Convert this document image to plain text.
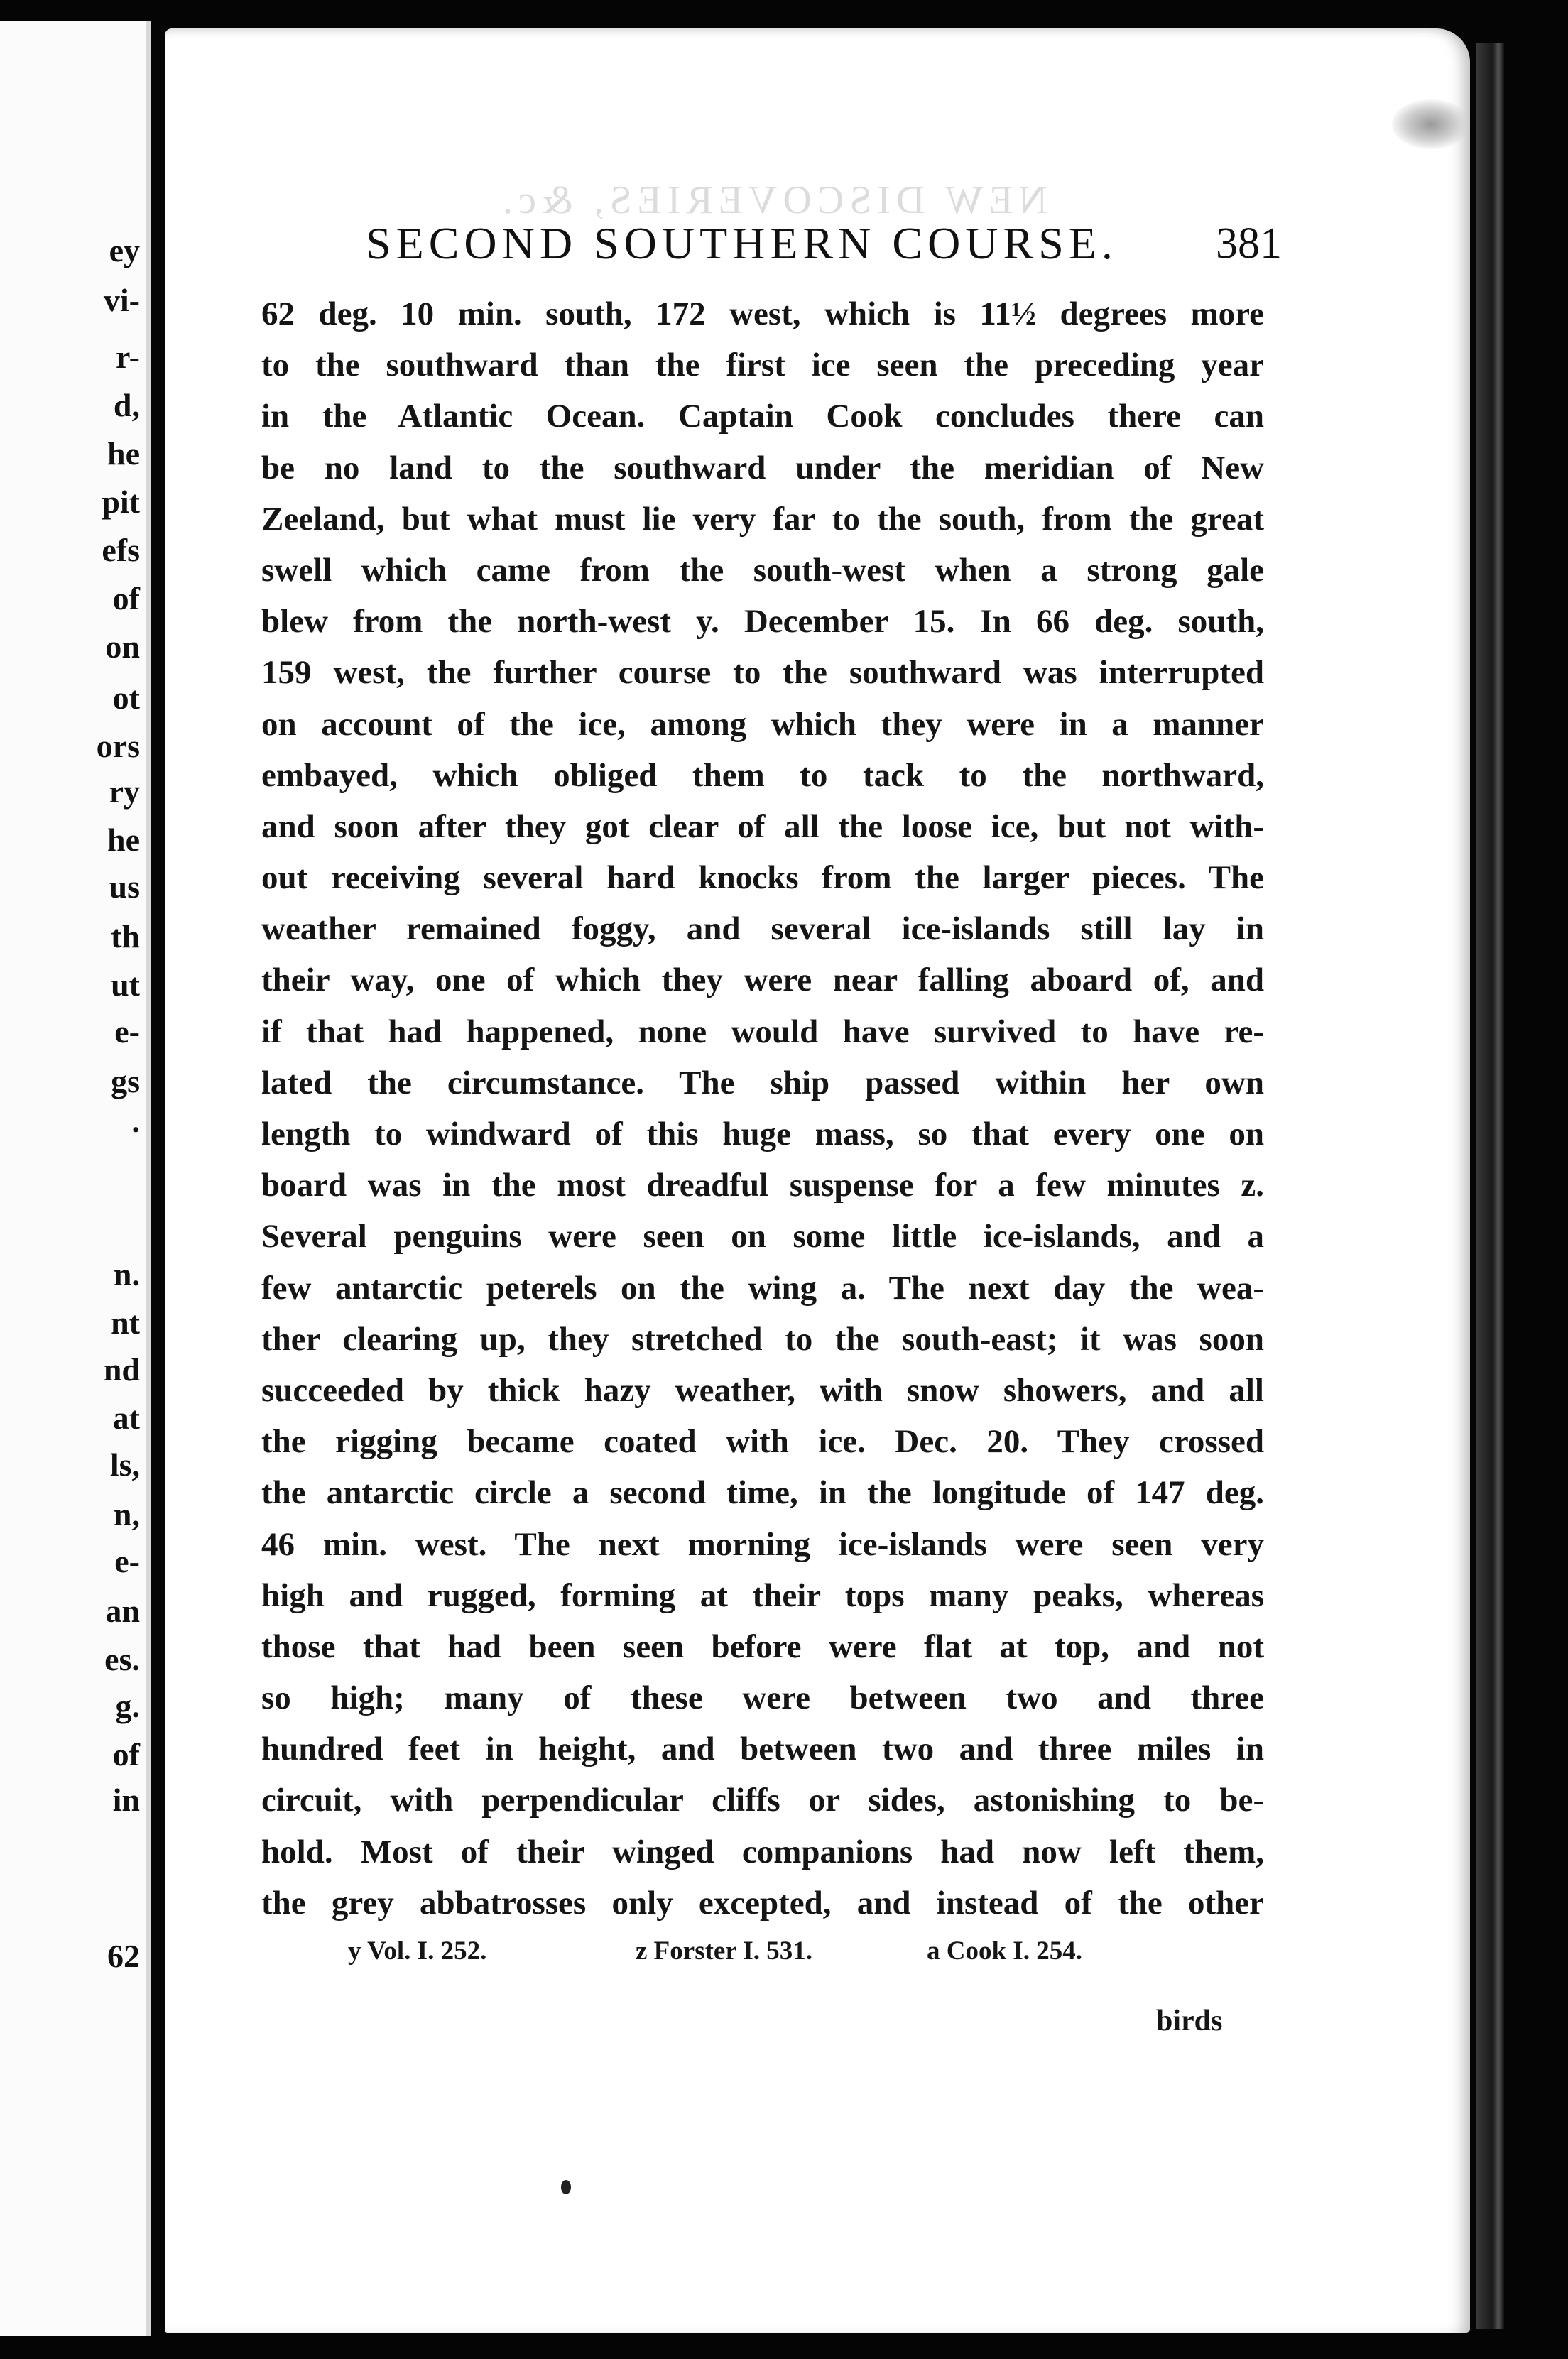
ey
vi-
r-
d,
he
pit
efs
of
on
ot
ors
ry
he
us
th
ut
e-
gs
.
n.
nt
nd
at
ls,
n,
e-
an
es.
g.
of
in
62
NEW DISCOVERIES, &c.
SECOND SOUTHERN COURSE. 381
62 deg. 10 min. south, 172 west, which is 11½ degrees more
to the southward than the first ice seen the preceding year
in the Atlantic Ocean. Captain Cook concludes there can
be no land to the southward under the meridian of New
Zeeland, but what must lie very far to the south, from the great
swell which came from the south-west when a strong gale
blew from the north-west y. December 15. In 66 deg. south,
159 west, the further course to the southward was interrupted
on account of the ice, among which they were in a manner
embayed, which obliged them to tack to the northward,
and soon after they got clear of all the loose ice, but not with-
out receiving several hard knocks from the larger pieces. The
weather remained foggy, and several ice-islands still lay in
their way, one of which they were near falling aboard of, and
if that had happened, none would have survived to have re-
lated the circumstance. The ship passed within her own
length to windward of this huge mass, so that every one on
board was in the most dreadful suspense for a few minutes z.
Several penguins were seen on some little ice-islands, and a
few antarctic peterels on the wing a. The next day the wea-
ther clearing up, they stretched to the south-east; it was soon
succeeded by thick hazy weather, with snow showers, and all
the rigging became coated with ice. Dec. 20. They crossed
the antarctic circle a second time, in the longitude of 147 deg.
46 min. west. The next morning ice-islands were seen very
high and rugged, forming at their tops many peaks, whereas
those that had been seen before were flat at top, and not
so high; many of these were between two and three
hundred feet in height, and between two and three miles in
circuit, with perpendicular cliffs or sides, astonishing to be-
hold. Most of their winged companions had now left them,
the grey abbatrosses only excepted, and instead of the other
y Vol. I. 252.	z Forster I. 531.	a Cook I. 254.
birds
